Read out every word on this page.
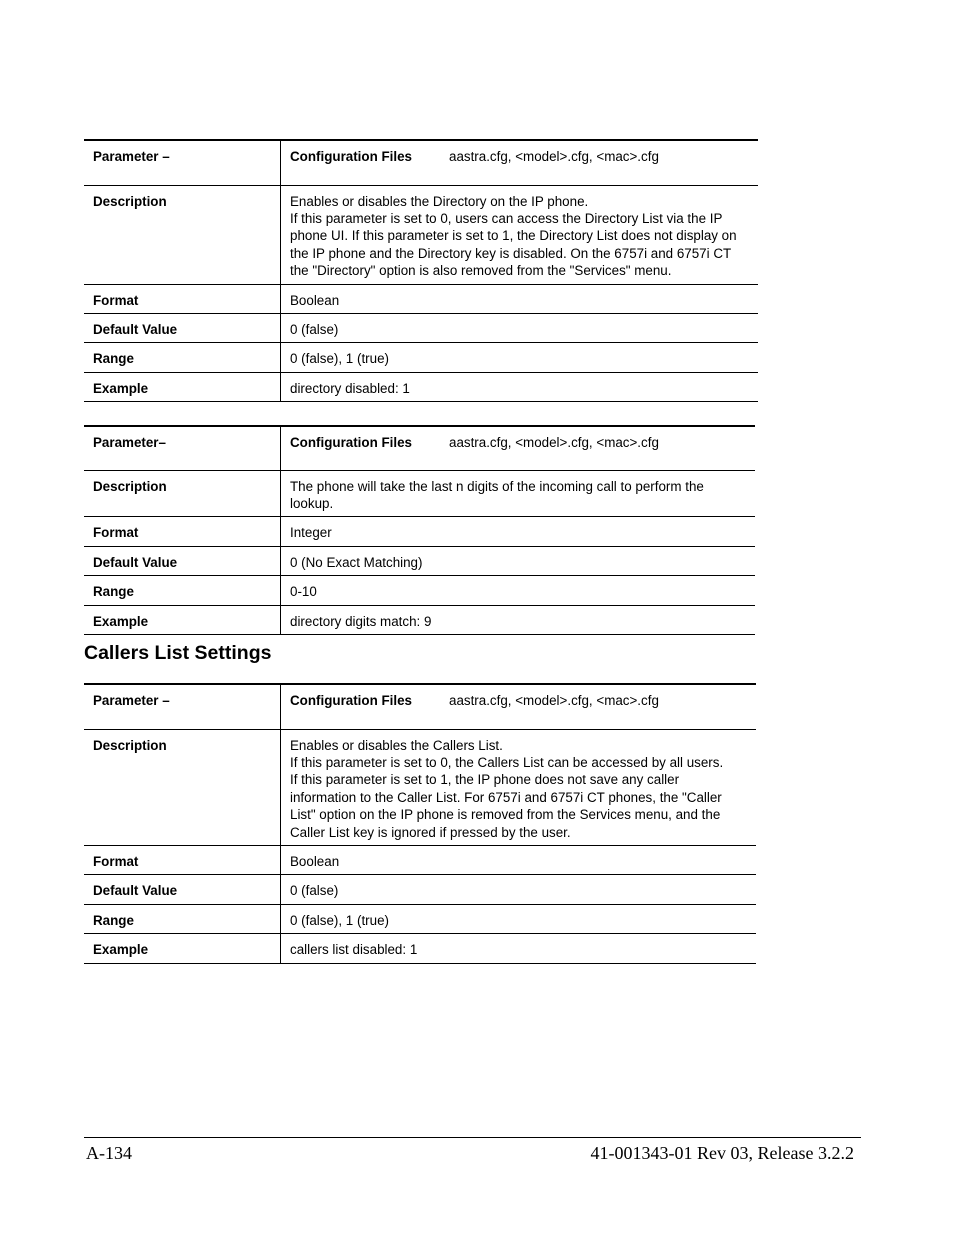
Parameter –	Configuration Files aastra.cfg, <model>.cfg, <mac>.cfg
Description	Enables or disables the Directory on the IP phone.
If this parameter is set to 0, users can access the Directory List via the IP phone UI. If this parameter is set to 1, the Directory List does not display on the IP phone and the Directory key is disabled. On the 6757i and 6757i CT the "Directory" option is also removed from the "Services" menu.

Format	Boolean
Default Value	0 (false)
Range	0 (false), 1 (true)
Example	directory disabled: 1
Parameter–	Configuration Files aastra.cfg, <model>.cfg, <mac>.cfg
Description	The phone will take the last n digits of the incoming call to perform the lookup.

Format	Integer
Default Value	0 (No Exact Matching)
Range	0-10
Example	directory digits match: 9
Callers List Settings
Parameter –	Configuration Files aastra.cfg, <model>.cfg, <mac>.cfg
Description	Enables or disables the Callers List.
If this parameter is set to 0, the Callers List can be accessed by all users.
If this parameter is set to 1, the IP phone does not save any caller information to the Caller List. For 6757i and 6757i CT phones, the "Caller List" option on the IP phone is removed from the Services menu, and the Caller List key is ignored if pressed by the user.

Format	Boolean
Default Value	0 (false)
Range	0 (false), 1 (true)
Example	callers list disabled: 1
A-134	41-001343-01 Rev 03, Release 3.2.2
